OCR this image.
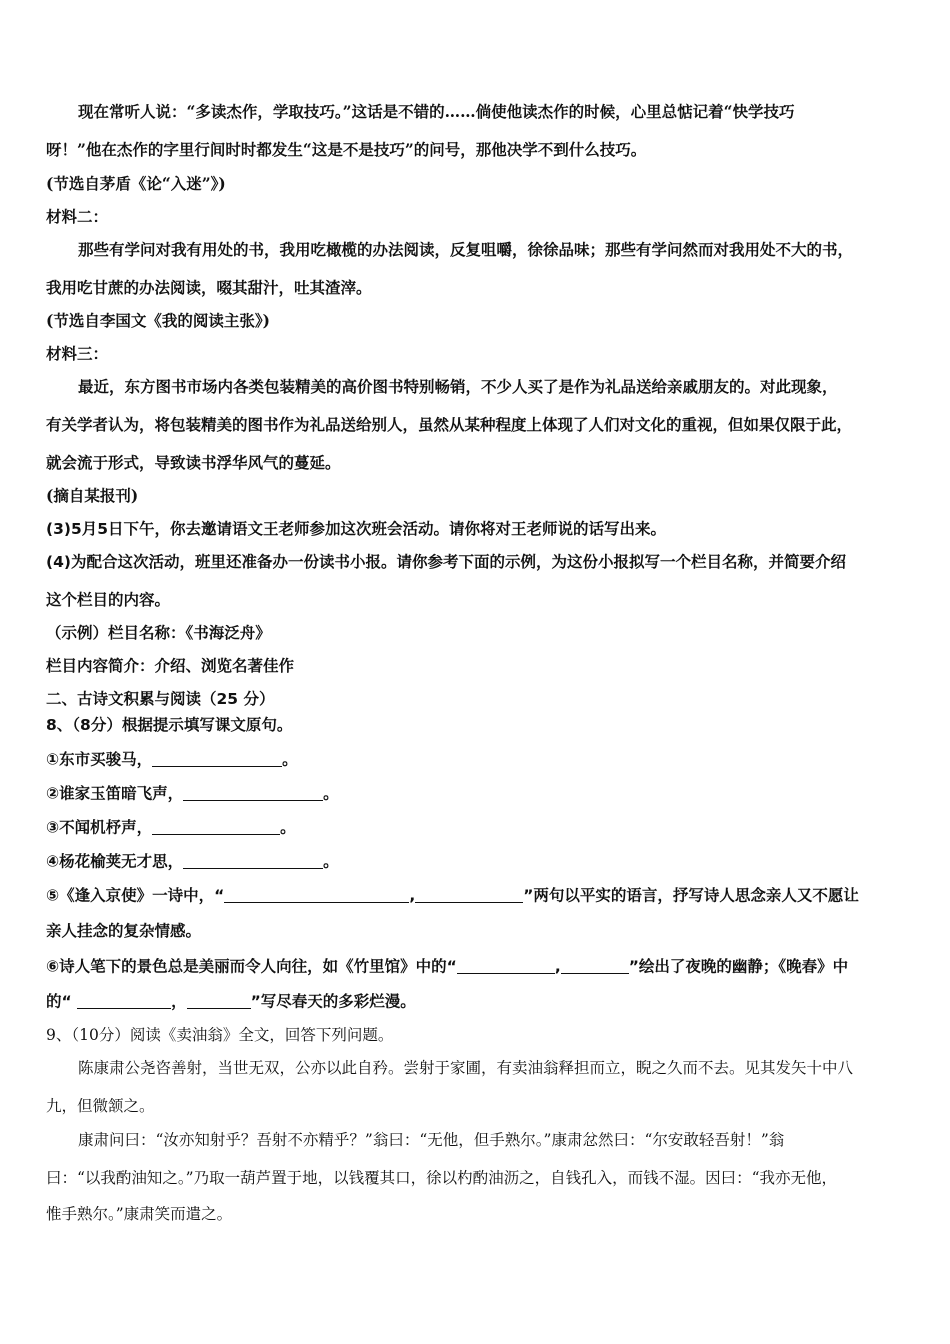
现在常听人说：“多读杰作，学取技巧。”这话是不错的……倘使他读杰作的时候，心里总惦记着“快学技巧
呀！”他在杰作的字里行间时时都发生“这是不是技巧”的问号，那他决学不到什么技巧。
(节选自茅盾《论“入迷”》)
材料二：
那些有学问对我有用处的书，我用吃橄榄的办法阅读，反复咀嚼，徐徐品味；那些有学问然而对我用处不大的书，
我用吃甘蔗的办法阅读，啜其甜汁，吐其渣滓。
(节选自李国文《我的阅读主张》)
材料三：
最近，东方图书市场内各类包装精美的高价图书特别畅销，不少人买了是作为礼品送给亲戚朋友的。对此现象，
有关学者认为，将包装精美的图书作为礼品送给别人，虽然从某种程度上体现了人们对文化的重视，但如果仅限于此，
就会流于形式，导致读书浮华风气的蔓延。
(摘自某报刊)
(3)5月5日下午，你去邀请语文王老师参加这次班会活动。请你将对王老师说的话写出来。
(4)为配合这次活动，班里还准备办一份读书小报。请你参考下面的示例，为这份小报拟写一个栏目名称，并简要介绍
这个栏目的内容。
（示例）栏目名称：《书海泛舟》
栏目内容简介：介绍、浏览名著佳作
二、古诗文积累与阅读（25 分）
8、（8分）根据提示填写课文原句。
①东市买骏马，	。
②谁家玉笛暗飞声，	。
③不闻机杼声，	。
④杨花榆荚无才思，	。
⑤《逢入京使》一诗中，“	,	”两句以平实的语言，抒写诗人思念亲人又不愿让
亲人挂念的复杂情感。
⑥诗人笔下的景色总是美丽而令人向往，如《竹里馆》中的“	,	”绘出了夜晚的幽静；《晚春》中
的“	，	”写尽春天的多彩烂漫。
9、（10分）阅读《卖油翁》全文，回答下列问题。
陈康肃公尧咨善射，当世无双，公亦以此自矜。尝射于家圃，有卖油翁释担而立，睨之久而不去。见其发矢十中八
九，但微颔之。
康肃问曰：“汝亦知射乎？吾射不亦精乎？”翁曰：“无他，但手熟尔。”康肃忿然曰：“尔安敢轻吾射！”翁
曰：“以我酌油知之。”乃取一葫芦置于地，以钱覆其口，徐以杓酌油沥之，自钱孔入，而钱不湿。因曰：“我亦无他，
惟手熟尔。”康肃笑而遣之。
